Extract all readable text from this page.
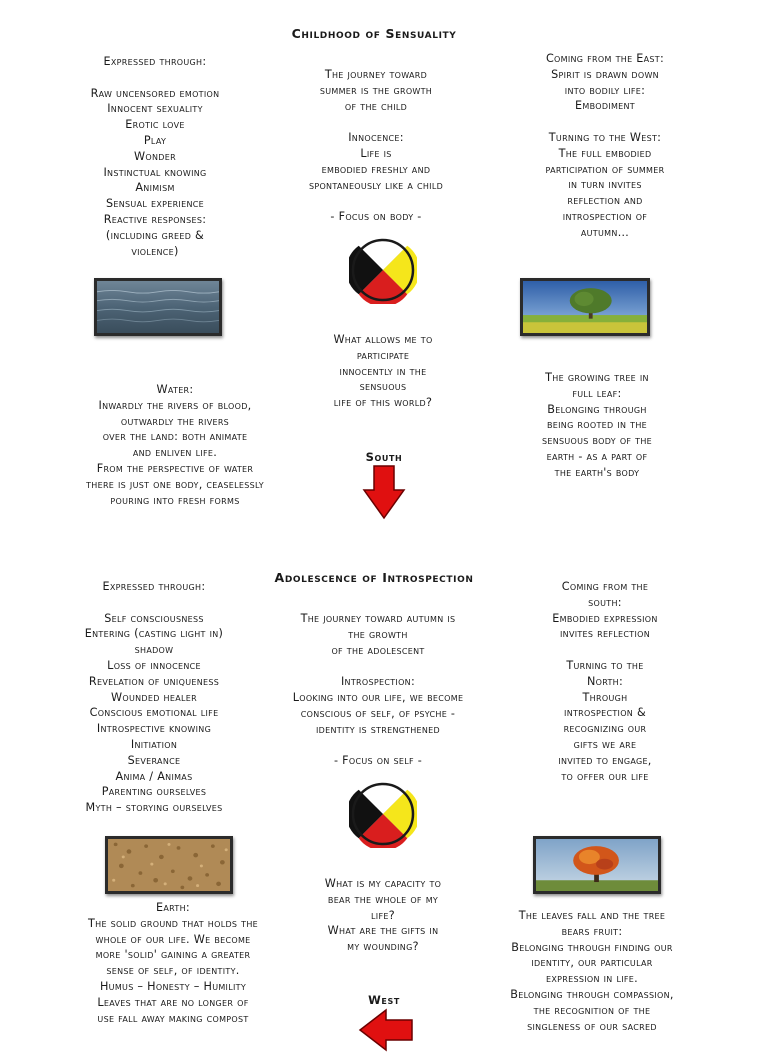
Childhood of Sensuality

Expressed through:

Raw uncensored emotion
Innocent sexuality
Erotic love
Play
Wonder
Instinctual knowing
Animism
Sensual experience
Reactive responses:
(including greed &
violence)

The journey toward
summer is the growth
of the child

Innocence:
Life is
embodied freshly and
spontaneously like a child

- Focus on body -

Coming from the East:
Spirit is drawn down
into bodily life:
Embodiment

Turning to the West:
The full embodied
participation of summer
in turn invites
reflection and
introspection of
autumn…

What allows me to
participate
innocently in the
sensuous
life of this world?

Water:
Inwardly the rivers of blood,
outwardly the rivers
over the land: both animate
and enliven life.
From the perspective of water
there is just one body, ceaselessly
pouring into fresh forms

The growing tree in
full leaf:
Belonging through
being rooted in the
sensuous body of the
earth - as a part of
the earth's body

South
Adolescence of Introspection

Expressed through:

Self consciousness
Entering (casting light in)
shadow
Loss of innocence
Revelation of uniqueness
Wounded healer
Conscious emotional life
Introspective knowing
Initiation
Severance
Anima / Animas
Parenting ourselves
Myth – storying ourselves

The journey toward autumn is
the growth
of the adolescent

Introspection:
Looking into our life, we become
conscious of self, of psyche -
identity is strengthened

- Focus on self -

Coming from the
south:
Embodied expression
invites reflection

Turning to the
North:
Through
introspection &
recognizing our
gifts we are
invited to engage,
to offer our life

What is my capacity to
bear the whole of my
life?
What are the gifts in
my wounding?

Earth:
The solid ground that holds the
whole of our life. We become
more 'solid' gaining a greater
sense of self, of identity.
Humus – Honesty – Humility
Leaves that are no longer of
use fall away making compost

The leaves fall and the tree
bears fruit:
Belonging through finding our
identity, our particular
expression in life.
Belonging through compassion,
the recognition of the
singleness of our sacred

West
